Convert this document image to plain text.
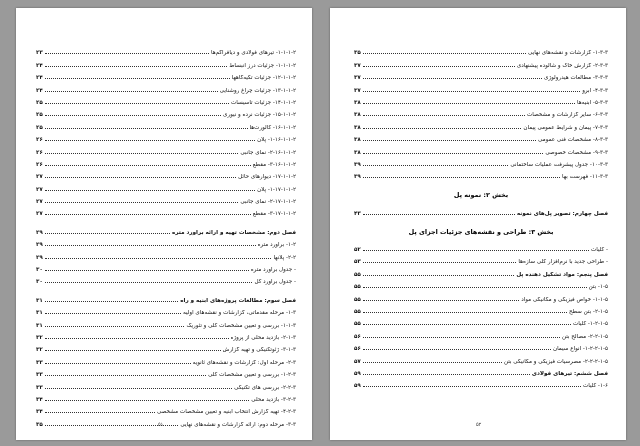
۱-۱-۱-۲- تیرهای فولادی و دیافراگم‌ها
۲۳
۱-۱-۱-۲- جزئیات درز انبساط
۲۴
۱۲-۱-۱-۲- جزئیات تکیه‌گاهها
۲۴
۱۳-۱-۱-۲- جزئیات چراغ روشنایی
۲۴
۱۴-۱-۱-۲- جزئیات تأسیسات
۲۵
۱۵-۱-۱-۲- جزئیات نرده و نیوری
۲۵
۱۶-۱-۱-۲- کالورت‌ها
۲۵
۱-۱۶-۱-۱-۲- پلان
۲۶
۲-۱۶-۱-۱-۲- نمای جانبی
۲۶
۳-۱۶-۱-۱-۲- مقطع
۲۶
۱۷-۱-۱-۲- دیوارهای حائل
۲۷
۱-۱۷-۱-۱-۲- پلان
۲۷
۲-۱۷-۱-۱-۲- نمای جانبی
۲۷
۳-۱۷-۱-۱-۲- مقطع
۲۷
فصل دوم: مشخصات تهیه و ارائه برآورد متره
۲۹
۱-۲- برآورد متره
۲۹
۲-۲- پلانها
۲۹
- جدول برآورد متره
۳۰
- جدول برآورد کل
۳۰
فصل سوم: مطالعات پروژه‌های ابنیه و راه
۳۱
۱-۳- مرحله مقدماتی، گزارشات و نقشه‌های اولیه
۳۱
۱-۱-۳- بررسی و تعیین مشخصات کلی و تئوریک
۳۱
۲-۱-۳- بازدید محلی از پروژه
۳۲
۳-۱-۳- ژئوتکنیکی و تهیه گزارش
۳۲
۲-۳- مرحله اول: گزارشات و نقشه‌های ثانویه
۳۳
۱-۲-۳- بررسی و تعیین مشخصات کلی
۳۳
۲-۲-۳- بررسی های تکنیکی
۳۳
۳-۲-۳- بازدید محلی
۳۴
۴-۲-۳- تهیه گزارش انتخاب ابنیه و تعیین مشخصات مشخصی
۳۴
۳-۳- مرحله دوم: ارائه گزارشات و نقشه‌های نهایی
۳۵	۵۱
۱-۳-۳- گزارشات و نقشه‌های نهایی
۳۵
۲-۳-۳- گزارش خاک و شالوده پیشنهادی
۳۷
۳-۳-۳- مطالعات هیدرولوژی
۳۷
۴-۳-۳- آبرو
۳۷
۵-۳-۳- ابنیه‌ها
۳۸
۶-۳-۳- سایر گزارشات و مشخصات
۳۸
۷-۳-۳- پیمان و شرایط عمومی پیمان
۳۸
۸-۳-۳- مشخصات فنی عمومی
۳۸
۹-۳-۳- مشخصات خصوصی
۳۸
۱۰-۳-۳- جدول پیشرفت عملیات ساختمانی
۳۹
۱۱-۳-۳- فهرست بها
۳۹
بخش ۲: نمونه پل
فصل چهارم: تصویر پل‌های نمونه
۴۳
بخش ۳: طراحی و نقشه‌های جزئیات اجزای پل
- کلیات
۵۲
- طراحی جدید با نرم‌افزار کلی سازه‌ها
۵۳
فصل پنجم: مواد تشکیل دهنده پل
۵۵
۱-۵- بتن
۵۵
۱-۱-۵- خواص فیزیکی و مکانیکی مواد
۵۵
۲-۱-۵- بتن سطح
۵۵
۱-۲-۱-۵- کلیات
۵۵
۲-۲-۱-۵- مصالح بتن
۵۶
۱-۲-۲-۱-۵- انواع سیمان
۵۶
۲-۲-۲-۱-۵- مصرسیات فیزیکی و مکانیکی بتن
۵۷
فصل ششم: تیرهای فولادی
۵۹
۱-۶- کلیات
۵۹
۵۲
